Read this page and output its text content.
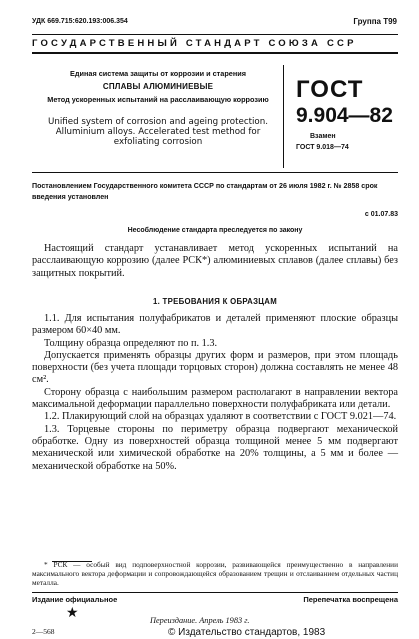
УДК 669.715:620.193:006.354	Группа Т99
ГОСУДАРСТВЕННЫЙ СТАНДАРТ СОЮЗА ССР
Единая система защиты от коррозии и старения
СПЛАВЫ АЛЮМИНИЕВЫЕ
Метод ускоренных испытаний на расслаивающую коррозию
Unified system of corrosion and ageing protection. Alluminium alloys. Accelerated test method for exfoliating corrosion
ГОСТ
9.904—82
Взамен
ГОСТ 9.018—74
Постановлением Государственного комитета СССР по стандартам от 26 июля 1982 г. № 2858 срок введения установлен
с 01.07.83
Несоблюдение стандарта преследуется по закону

Настоящий стандарт устанавливает метод ускоренных испытаний на расслаивающую коррозию (далее РСК*) алюминиевых сплавов (далее сплавы) без защитных покрытий.

1. ТРЕБОВАНИЯ К ОБРАЗЦАМ

1.1. Для испытания полуфабрикатов и деталей применяют плоские образцы размером 60×40 мм.

Толщину образца определяют по п. 1.3.

Допускается применять образцы других форм и размеров, при этом площадь поверхности (без учета площади торцовых сторон) должна составлять не менее 48 см².

Сторону образца с наибольшим размером располагают в направлении вектора максимальной деформации параллельно поверхности полуфабриката или детали.

1.2. Плакирующий слой на образцах удаляют в соответствии с ГОСТ 9.021—74.

1.3. Торцевые стороны по периметру образца подвергают механической обработке. Одну из поверхностей образца толщиной менее 5 мм подвергают механической или химической обработке на 20% толщины, а 5 мм и более — механической обработке на 50%.

* РСК — особый вид подповерхностной коррозии, развивающейся преимущественно в направлении максимального вектора деформации и сопровождающейся образованием трещин и отслаиванием отдельных частиц металла.
Издание официальное	Перепечатка воспрещена
★	Переиздание. Апрель 1983 г.
© Издательство стандартов, 1983
2—568
